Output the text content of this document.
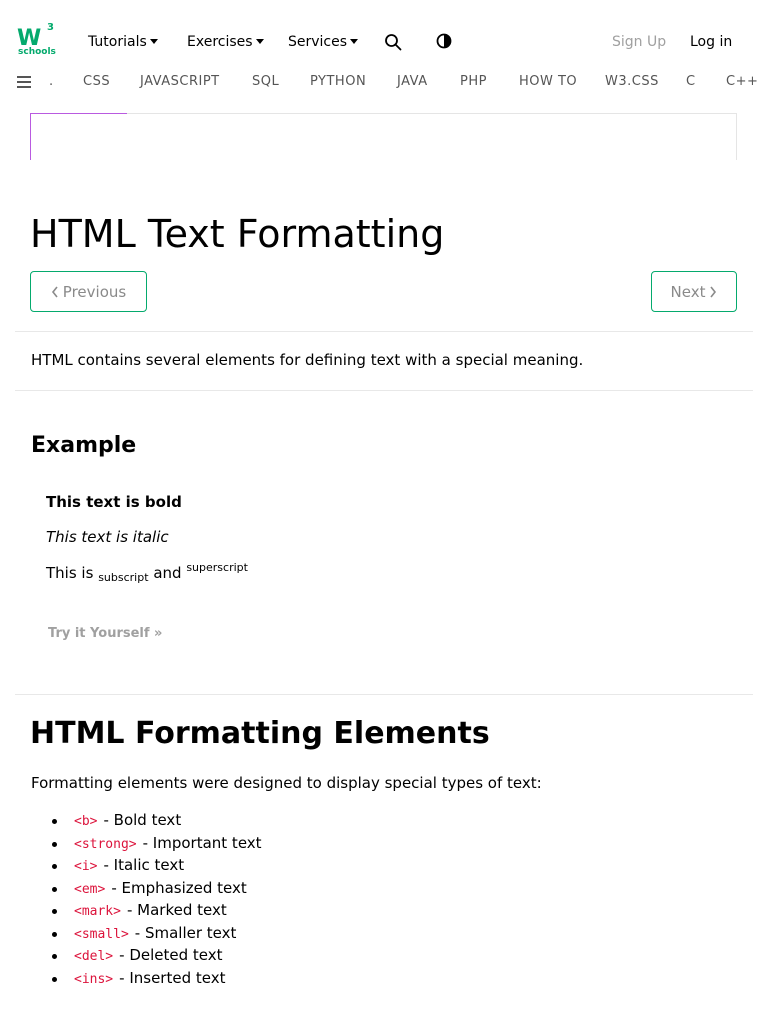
W 3
schools
Tutorials	Exercises	Services	Sign Up Log in
. CSS JAVASCRIPT SQL PYTHON JAVA PHP HOW TO W3.CSS C C++
HTML Text Formatting
Previous	Next

HTML contains several elements for defining text with a special meaning.

Example
This text is bold
This text is italic
This is $_{subscript}$ and $^{superscript}$
Try it Yourself »
HTML Formatting Elements

Formatting elements were designed to display special types of text:

<b> - Bold text
<strong> - Important text
<i> - Italic text
<em> - Emphasized text
<mark> - Marked text
<small> - Smaller text
<del> - Deleted text
<ins> - Inserted text
